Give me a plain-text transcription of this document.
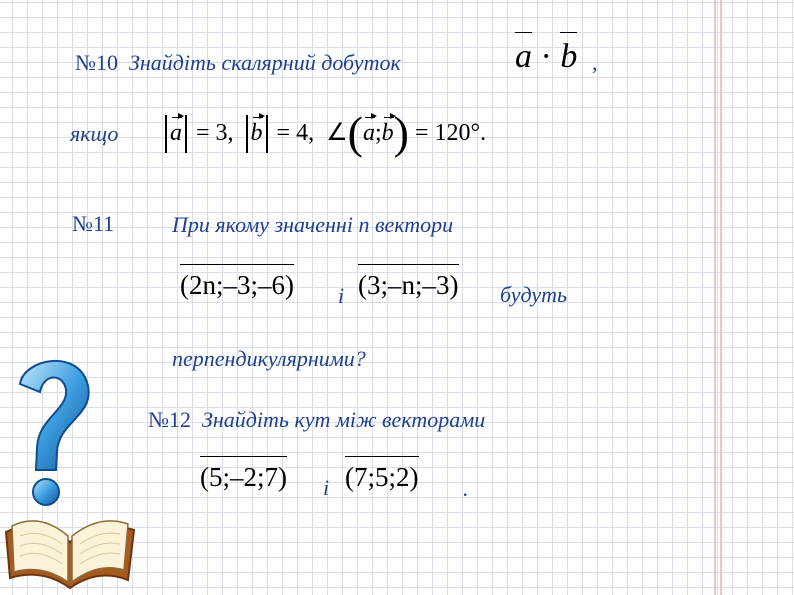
№10 Знайдіть скалярний добуток	a · b ,
якщо	a = 3, b = 4, ∠(a;b) = 120°.
№11	При якому значенні n вектори
(2n;–3;–6) і (3;–n;–3) будуть
перпендикулярними?
№12 Знайдіть кут між векторами
(5;–2;7) і (7;5;2) .
